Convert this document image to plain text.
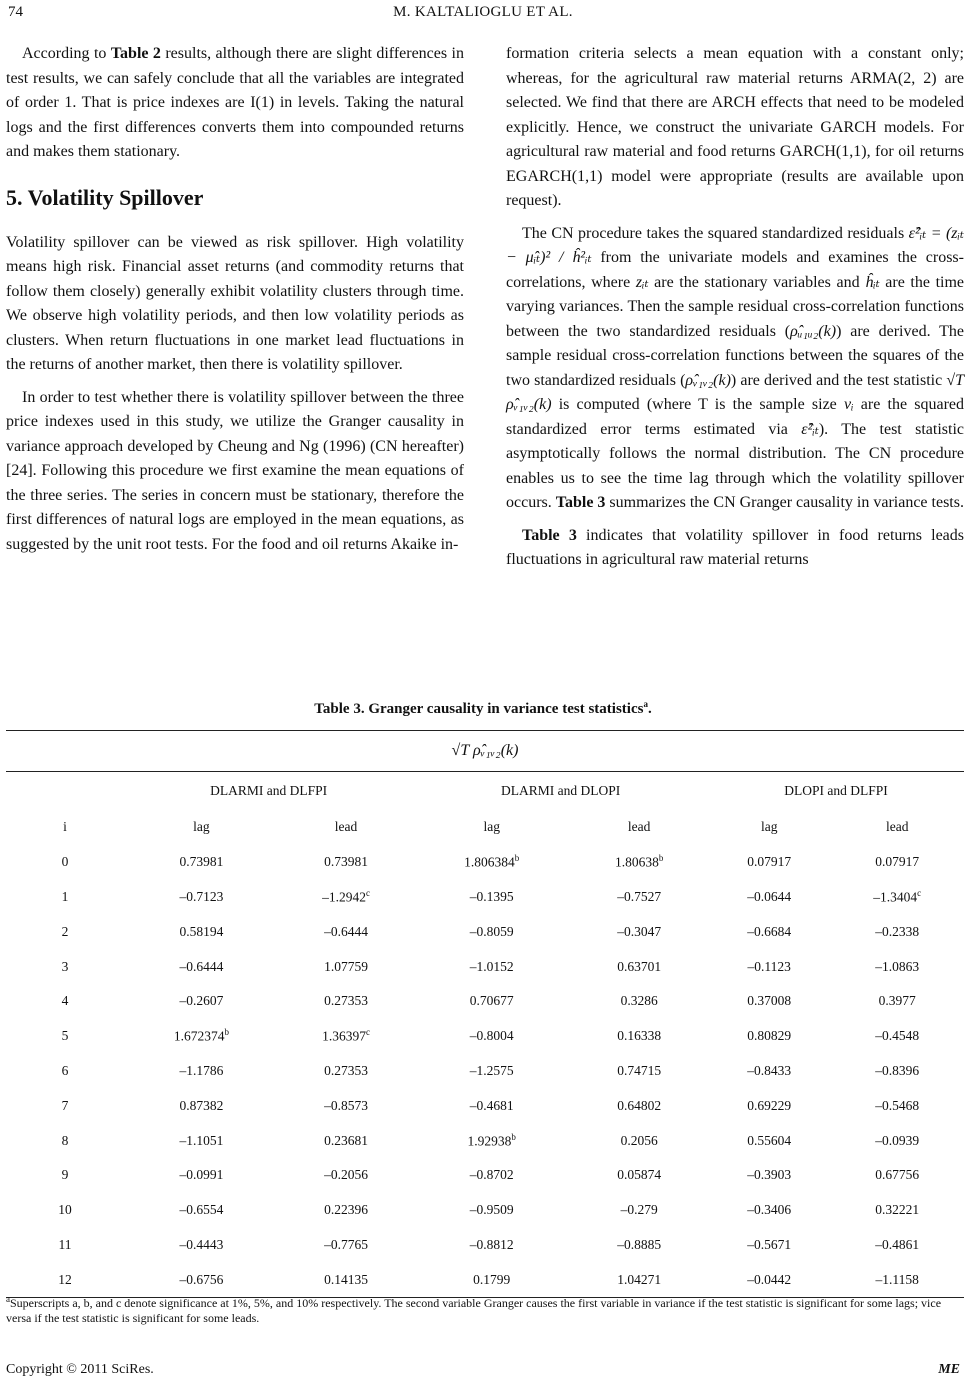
74	M. KALTALIOGLU ET AL.

According to Table 2 results, although there are slight differences in test results, we can safely conclude that all the variables are integrated of order 1. That is price indexes are I(1) in levels. Taking the natural logs and the first differences converts them into compounded returns and makes them stationary.

5. Volatility Spillover

Volatility spillover can be viewed as risk spillover. High volatility means high risk. Financial asset returns (and commodity returns that follow them closely) generally exhibit volatility clusters through time. We observe high volatility periods, and then low volatility periods as clusters. When return fluctuations in one market lead fluctuations in the returns of another market, then there is volatility spillover.

In order to test whether there is volatility spillover between the three price indexes used in this study, we utilize the Granger causality in variance approach developed by Cheung and Ng (1996) (CN hereafter) [24]. Following this procedure we first examine the mean equations of the three series. The series in concern must be stationary, therefore the first differences of natural logs are employed in the mean equations, as suggested by the unit root tests. For the food and oil returns Akaike in-

formation criteria selects a mean equation with a constant only; whereas, for the agricultural raw material returns ARMA(2, 2) are selected. We find that there are ARCH effects that need to be modeled explicitly. Hence, we construct the univariate GARCH models. For agricultural raw material and food returns GARCH(1,1), for oil returns EGARCH(1,1) model were appropriate (results are available upon request).

The CN procedure takes the squared standardized residuals ε̂²ᵢₜ = (zᵢₜ − μ̂ᵢₜ)² / ĥ²ᵢₜ from the univariate models and examines the cross-correlations, where zᵢₜ are the stationary variables and ĥᵢₜ are the time varying variances. Then the sample residual cross-correlation functions between the two standardized residuals (ρ̂ᵤ₁ᵤ₂(k)) are derived. The sample residual cross-correlation functions between the squares of the two standardized residuals (ρ̂ᵥ₁ᵥ₂(k)) are derived and the test statistic √T ρ̂ᵥ₁ᵥ₂(k) is computed (where T is the sample size vᵢ are the squared standardized error terms estimated via ε̂²ᵢₜ). The test statistic asymptotically follows the normal distribution. The CN procedure enables us to see the time lag through which the volatility spillover occurs. Table 3 summarizes the CN Granger causality in variance tests.

Table 3 indicates that volatility spillover in food returns leads fluctuations in agricultural raw material returns

Table 3. Granger causality in variance test statistics$^a$.
√T ρ̂ᵥ₁ᵥ₂(k)
	DLARMI and DLFPI		DLARMI and DLOPI		DLOPI and DLFPI	
i	lag	lead	lag	lead	lag	lead
0	0.73981	0.73981	1.806384$^b$	1.80638$^b$	0.07917	0.07917
1	–0.7123	–1.2942$^c$	–0.1395	–0.7527	–0.0644	–1.3404$^c$
2	0.58194	–0.6444	–0.8059	–0.3047	–0.6684	–0.2338
3	–0.6444	1.07759	–1.0152	0.63701	–0.1123	–1.0863
4	–0.2607	0.27353	0.70677	0.3286	0.37008	0.3977
5	1.672374$^b$	1.36397$^c$	–0.8004	0.16338	0.80829	–0.4548
6	–1.1786	0.27353	–1.2575	0.74715	–0.8433	–0.8396
7	0.87382	–0.8573	–0.4681	0.64802	0.69229	–0.5468
8	–1.1051	0.23681	1.92938$^b$	0.2056	0.55604	–0.0939
9	–0.0991	–0.2056	–0.8702	0.05874	–0.3903	0.67756
10	–0.6554	0.22396	–0.9509	–0.279	–0.3406	0.32221
11	–0.4443	–0.7765	–0.8812	–0.8885	–0.5671	–0.4861
12	–0.6756	0.14135	0.1799	1.04271	–0.0442	–1.1158
$^a$Superscripts a, b, and c denote significance at 1%, 5%, and 10% respectively. The second variable Granger causes the first variable in variance if the test statistic is significant for some lags; vice versa if the test statistic is significant for some leads.
Copyright © 2011 SciRes.	ME
